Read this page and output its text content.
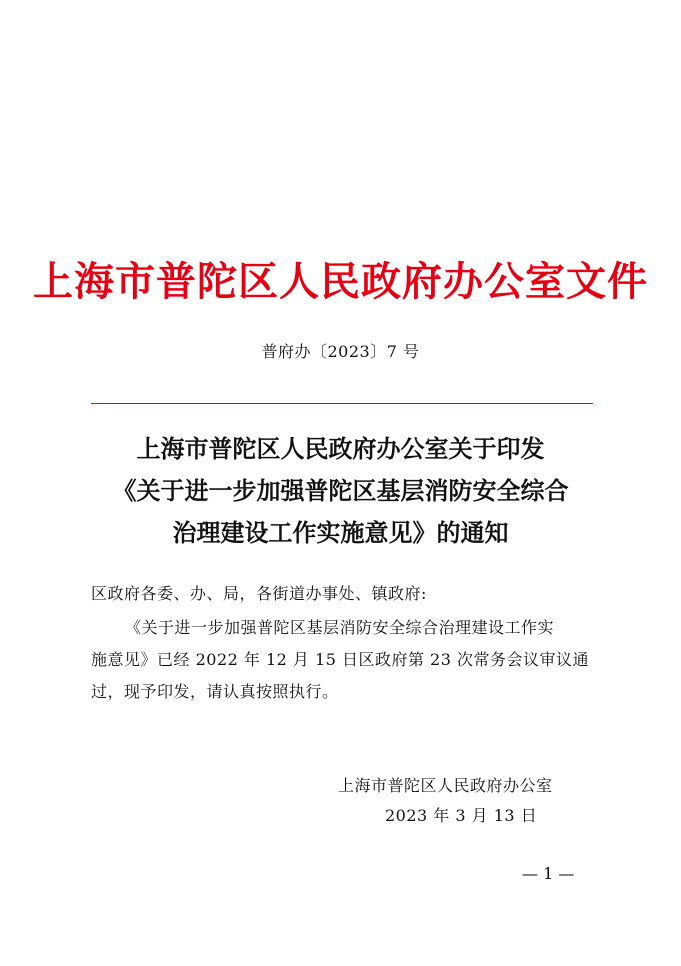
上海市普陀区人民政府办公室文件
普府办〔2023〕7 号
上海市普陀区人民政府办公室关于印发
《关于进一步加强普陀区基层消防安全综合
治理建设工作实施意见》的通知
区政府各委、办、局，各街道办事处、镇政府:
《关于进一步加强普陀区基层消防安全综合治理建设工作实
施意见》已经 2022 年 12 月 15 日区政府第 23 次常务会议审议通
过，现予印发，请认真按照执行。
上海市普陀区人民政府办公室
2023 年 3 月 13 日
— 1 —
